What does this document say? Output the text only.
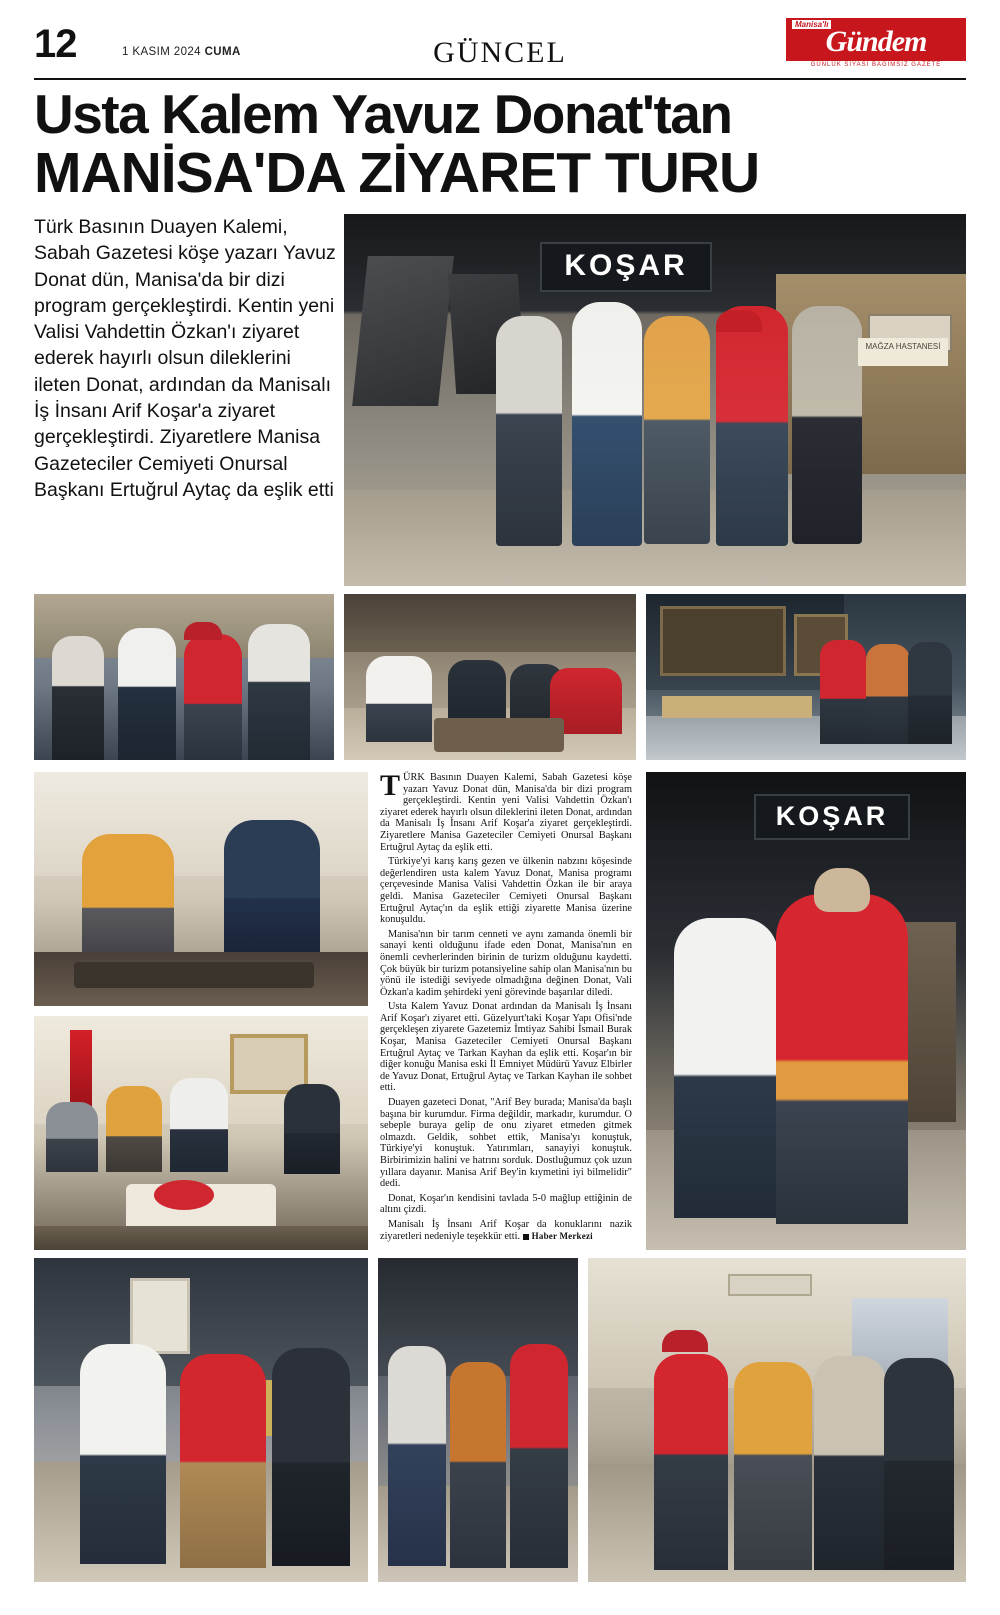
12	1 KASIM 2024 CUMA	GÜNCEL
Manisa'lı
Gündem
GÜNLÜK SİYASİ BAĞIMSIZ GAZETE
Usta Kalem Yavuz Donat'tan
MANİSA'DA ZİYARET TURU
Türk Basının Duayen Kalemi, Sabah Gazetesi köşe yazarı Yavuz Donat dün, Manisa'da bir dizi program gerçekleştirdi. Kentin yeni Valisi Vahdettin Özkan'ı ziyaret ederek hayırlı olsun dileklerini ileten Donat, ardından da Manisalı İş İnsanı Arif Koşar'a ziyaret gerçekleştirdi. Ziyaretlere Manisa Gazeteciler Cemiyeti Onursal Başkanı Ertuğrul Aytaç da eşlik etti
KOŞAR
MAĞZA HASTANESİ
KOŞAR

TÜRK Basının Duayen Kalemi, Sabah Gazetesi köşe yazarı Yavuz Donat dün, Manisa'da bir dizi program gerçekleştirdi. Kentin yeni Valisi Vahdettin Özkan'ı ziyaret ederek hayırlı olsun dileklerini ileten Donat, ardından da Manisalı İş İnsanı Arif Koşar'a ziyaret gerçekleştirdi. Ziyaretlere Manisa Gazeteciler Cemiyeti Onursal Başkanı Ertuğrul Aytaç da eşlik etti.

Türkiye'yi karış karış gezen ve ülkenin nabzını köşesinde değerlendiren usta kalem Yavuz Donat, Manisa programı çerçevesinde Manisa Valisi Vahdettin Özkan ile bir araya geldi. Manisa Gazeteciler Cemiyeti Onursal Başkanı Ertuğrul Aytaç'ın da eşlik ettiği ziyarette Manisa üzerine konuşuldu.

Manisa'nın bir tarım cenneti ve aynı zamanda önemli bir sanayi kenti olduğunu ifade eden Donat, Manisa'nın en önemli cevherlerinden birinin de turizm olduğunu kaydetti. Çok büyük bir turizm potansiyeline sahip olan Manisa'nın bu yönü ile istediği seviyede olmadığına değinen Donat, Vali Özkan'a kadim şehirdeki yeni görevinde başarılar diledi.

Usta Kalem Yavuz Donat ardından da Manisalı İş İnsanı Arif Koşar'ı ziyaret etti. Güzelyurt'taki Koşar Yapı Ofisi'nde gerçekleşen ziyarete Gazetemiz İmtiyaz Sahibi İsmail Burak Koşar, Manisa Gazeteciler Cemiyeti Onursal Başkanı Ertuğrul Aytaç ve Tarkan Kayhan da eşlik etti. Koşar'ın bir diğer konuğu Manisa eski İl Emniyet Müdürü Yavuz Elbirler de Yavuz Donat, Ertuğrul Aytaç ve Tarkan Kayhan ile sohbet etti.

Duayen gazeteci Donat, "Arif Bey burada; Manisa'da başlı başına bir kurumdur. Firma değildir, markadır, kurumdur. O sebeple buraya gelip de onu ziyaret etmeden gitmek olmazdı. Geldik, sohbet ettik, Manisa'yı konuştuk, Türkiye'yi konuştuk. Yatırımları, sanayiyi konuştuk. Birbirimizin halini ve hatrını sorduk. Dostluğumuz çok uzun yıllara dayanır. Manisa Arif Bey'in kıymetini iyi bilmelidir" dedi.

Donat, Koşar'ın kendisini tavlada 5-0 mağlup ettiğinin de altını çizdi.

Manisalı İş İnsanı Arif Koşar da konuklarını nazik ziyaretleri nedeniyle teşekkür etti. Haber Merkezi
